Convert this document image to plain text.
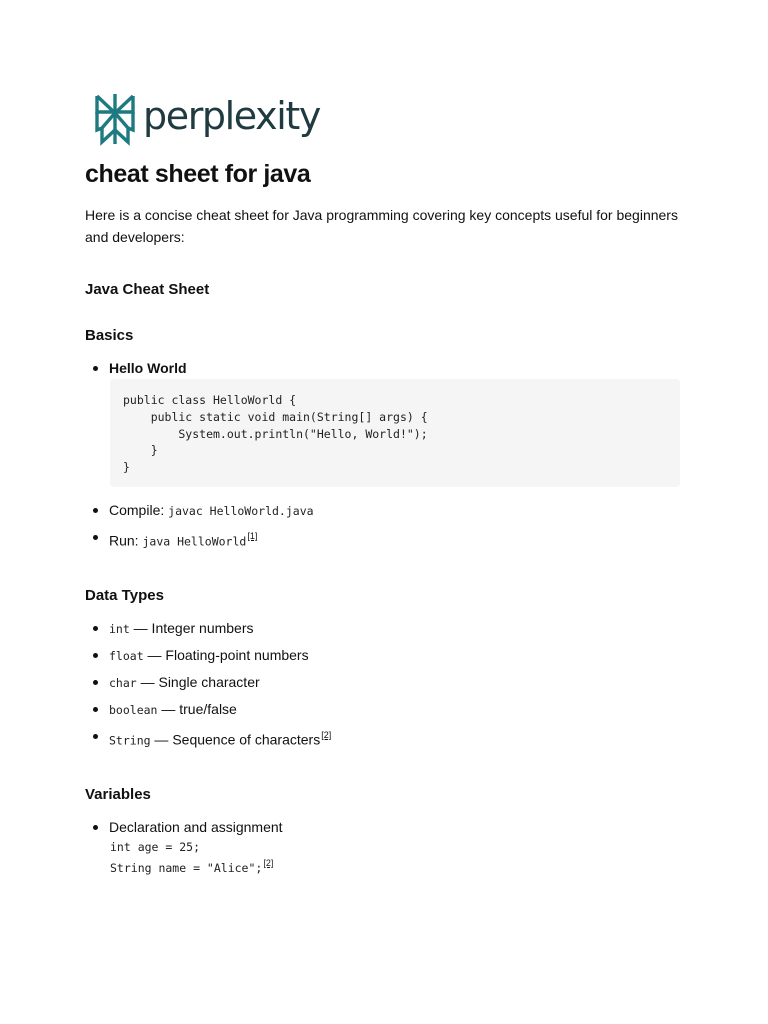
perplexity
cheat sheet for java

Here is a concise cheat sheet for Java programming covering key concepts useful for beginners and developers:

Java Cheat Sheet
Basics
Hello World
public class HelloWorld {
public static void main(String[] args) {
System.out.println("Hello, World!");
}
}
Compile: javac HelloWorld.java
Run: java HelloWorld[1]
Data Types
int — Integer numbers
float — Floating-point numbers
char — Single character
boolean — true/false
String — Sequence of characters[2]
Variables
Declaration and assignment
int age = 25;
String name = "Alice";[2]
